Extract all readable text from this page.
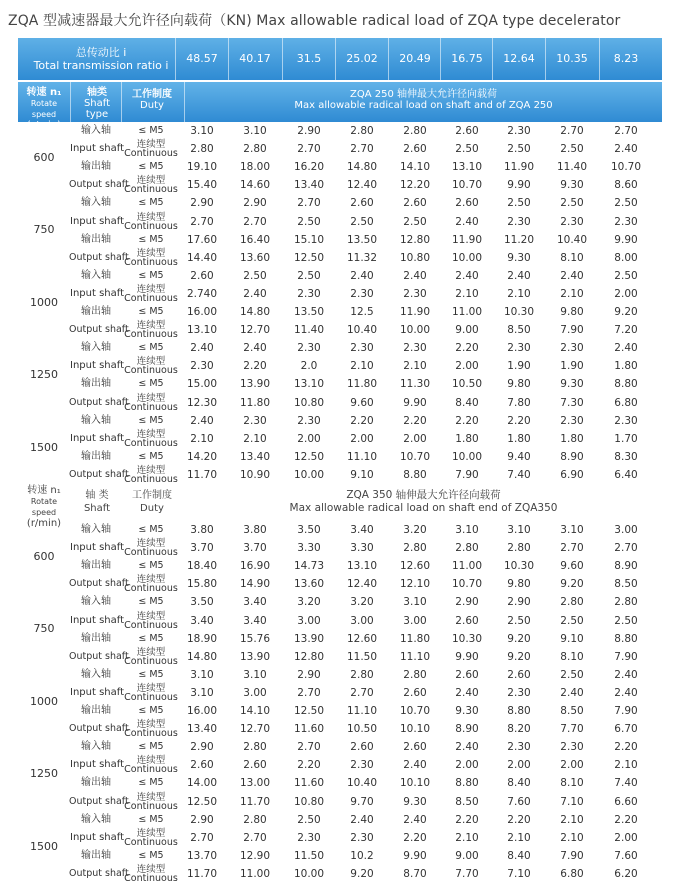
ZQA 型减速器最大允许径向载荷（KN) Max allowable radical load of ZQA type decelerator
总传动比 i
Total transmission ratio i
48.57	40.17	31.5	25.02	20.49	16.75	12.64	10.35	8.23
转速 n₁
Rotate speed
(r/min)
轴类
Shaft type
工作制度
Duty
ZQA 250 轴伸最大允许径向载荷
Max allowable radical load on shaft and of ZQA 250
转速 n₁
Rotate speed
(r/min)
轴 类
Shaft
工作制度
Duty
ZQA 350 轴伸最大允许径向载荷
Max allowable radical load on shaft end of ZQA350
600
输入轴	≤ M5	3.10	3.10	2.90	2.80	2.80	2.60	2.30	2.70	2.70
Input shaft	连续型 Continuous	2.80	2.80	2.70	2.70	2.60	2.50	2.50	2.50	2.40
输出轴	≤ M5	19.10	18.00	16.20	14.80	14.10	13.10	11.90	11.40	10.70
Output shaft 连续型 Continuous 15.40	14.60	13.40	12.40	12.20	10.70	9.90	9.30	8.60
750
输入轴	≤ M5	2.90	2.90	2.70	2.60	2.60	2.60	2.50	2.50	2.50
Input shaft	连续型 Continuous	2.70	2.70	2.50	2.50	2.50	2.40	2.30	2.30	2.30
输出轴	≤ M5	17.60	16.40	15.10	13.50	12.80	11.90	11.20	10.40	9.90
Output shaft 连续型 Continuous 14.40	13.60	12.50	11.32	10.80	10.00	9.30	8.10	8.00
1000
输入轴	≤ M5	2.60	2.50	2.50	2.40	2.40	2.40	2.40	2.40	2.50
Input shaft	连续型 Continuous 2.740	2.40	2.30	2.30	2.30	2.10	2.10	2.10	2.00
输出轴	≤ M5	16.00	14.80	13.50	12.5	11.90	11.00	10.30	9.80	9.20
Output shaft 连续型 Continuous 13.10	12.70	11.40	10.40	10.00	9.00	8.50	7.90	7.20
1250
输入轴	≤ M5	2.40	2.40	2.30	2.30	2.30	2.20	2.30	2.30	2.40
Input shaft	连续型 Continuous	2.30	2.20	2.0	2.10	2.10	2.00	1.90	1.90	1.80
输出轴	≤ M5	15.00	13.90	13.10	11.80	11.30	10.50	9.80	9.30	8.80
Output shaft 连续型 Continuous 12.30	11.80	10.80	9.60	9.90	8.40	7.80	7.30	6.80
1500
输入轴	≤ M5	2.40	2.30	2.30	2.20	2.20	2.20	2.20	2.30	2.30
Input shaft	连续型 Continuous	2.10	2.10	2.00	2.00	2.00	1.80	1.80	1.80	1.70
输出轴	≤ M5	14.20	13.40	12.50	11.10	10.70	10.00	9.40	8.90	8.30
Output shaft 连续型 Continuous 11.70	10.90	10.00	9.10	8.80	7.90	7.40	6.90	6.40
600
输入轴	≤ M5	3.80	3.80	3.50	3.40	3.20	3.10	3.10	3.10	3.00
Input shaft	连续型 Continuous	3.70	3.70	3.30	3.30	2.80	2.80	2.80	2.70	2.70
输出轴	≤ M5	18.40	16.90	14.73	13.10	12.60	11.00	10.30	9.60	8.90
Output shaft 连续型 Continuous 15.80	14.90	13.60	12.40	12.10	10.70	9.80	9.20	8.50
750
输入轴	≤ M5	3.50	3.40	3.20	3.20	3.10	2.90	2.90	2.80	2.80
Input shaft	连续型 Continuous	3.40	3.40	3.00	3.00	3.00	2.60	2.50	2.50	2.50
输出轴	≤ M5	18.90	15.76	13.90	12.60	11.80	10.30	9.20	9.10	8.80
Output shaft 连续型 Continuous 14.80	13.90	12.80	11.50	11.10	9.90	9.20	8.10	7.90
1000
输入轴	≤ M5	3.10	3.10	2.90	2.80	2.80	2.60	2.60	2.50	2.40
Input shaft	连续型 Continuous	3.10	3.00	2.70	2.70	2.60	2.40	2.30	2.40	2.40
输出轴	≤ M5	16.00	14.10	12.50	11.10	10.70	9.30	8.80	8.50	7.90
Output shaft 连续型 Continuous 13.40	12.70	11.60	10.50	10.10	8.90	8.20	7.70	6.70
1250
输入轴	≤ M5	2.90	2.80	2.70	2.60	2.60	2.40	2.30	2.30	2.20
Input shaft	连续型 Continuous	2.60	2.60	2.20	2.30	2.40	2.00	2.00	2.00	2.10
输出轴	≤ M5	14.00	13.00	11.60	10.40	10.10	8.80	8.40	8.10	7.40
Output shaft 连续型 Continuous 12.50	11.70	10.80	9.70	9.30	8.50	7.60	7.10	6.60
1500
输入轴	≤ M5	2.90	2.80	2.50	2.40	2.40	2.20	2.20	2.10	2.20
Input shaft	连续型 Continuous	2.70	2.70	2.30	2.30	2.20	2.10	2.10	2.10	2.00
输出轴	≤ M5	13.70	12.90	11.50	10.2	9.90	9.00	8.40	7.90	7.60
Output shaft 连续型 Continuous 11.70	11.00	10.00	9.20	8.70	7.70	7.10	6.80	6.20
